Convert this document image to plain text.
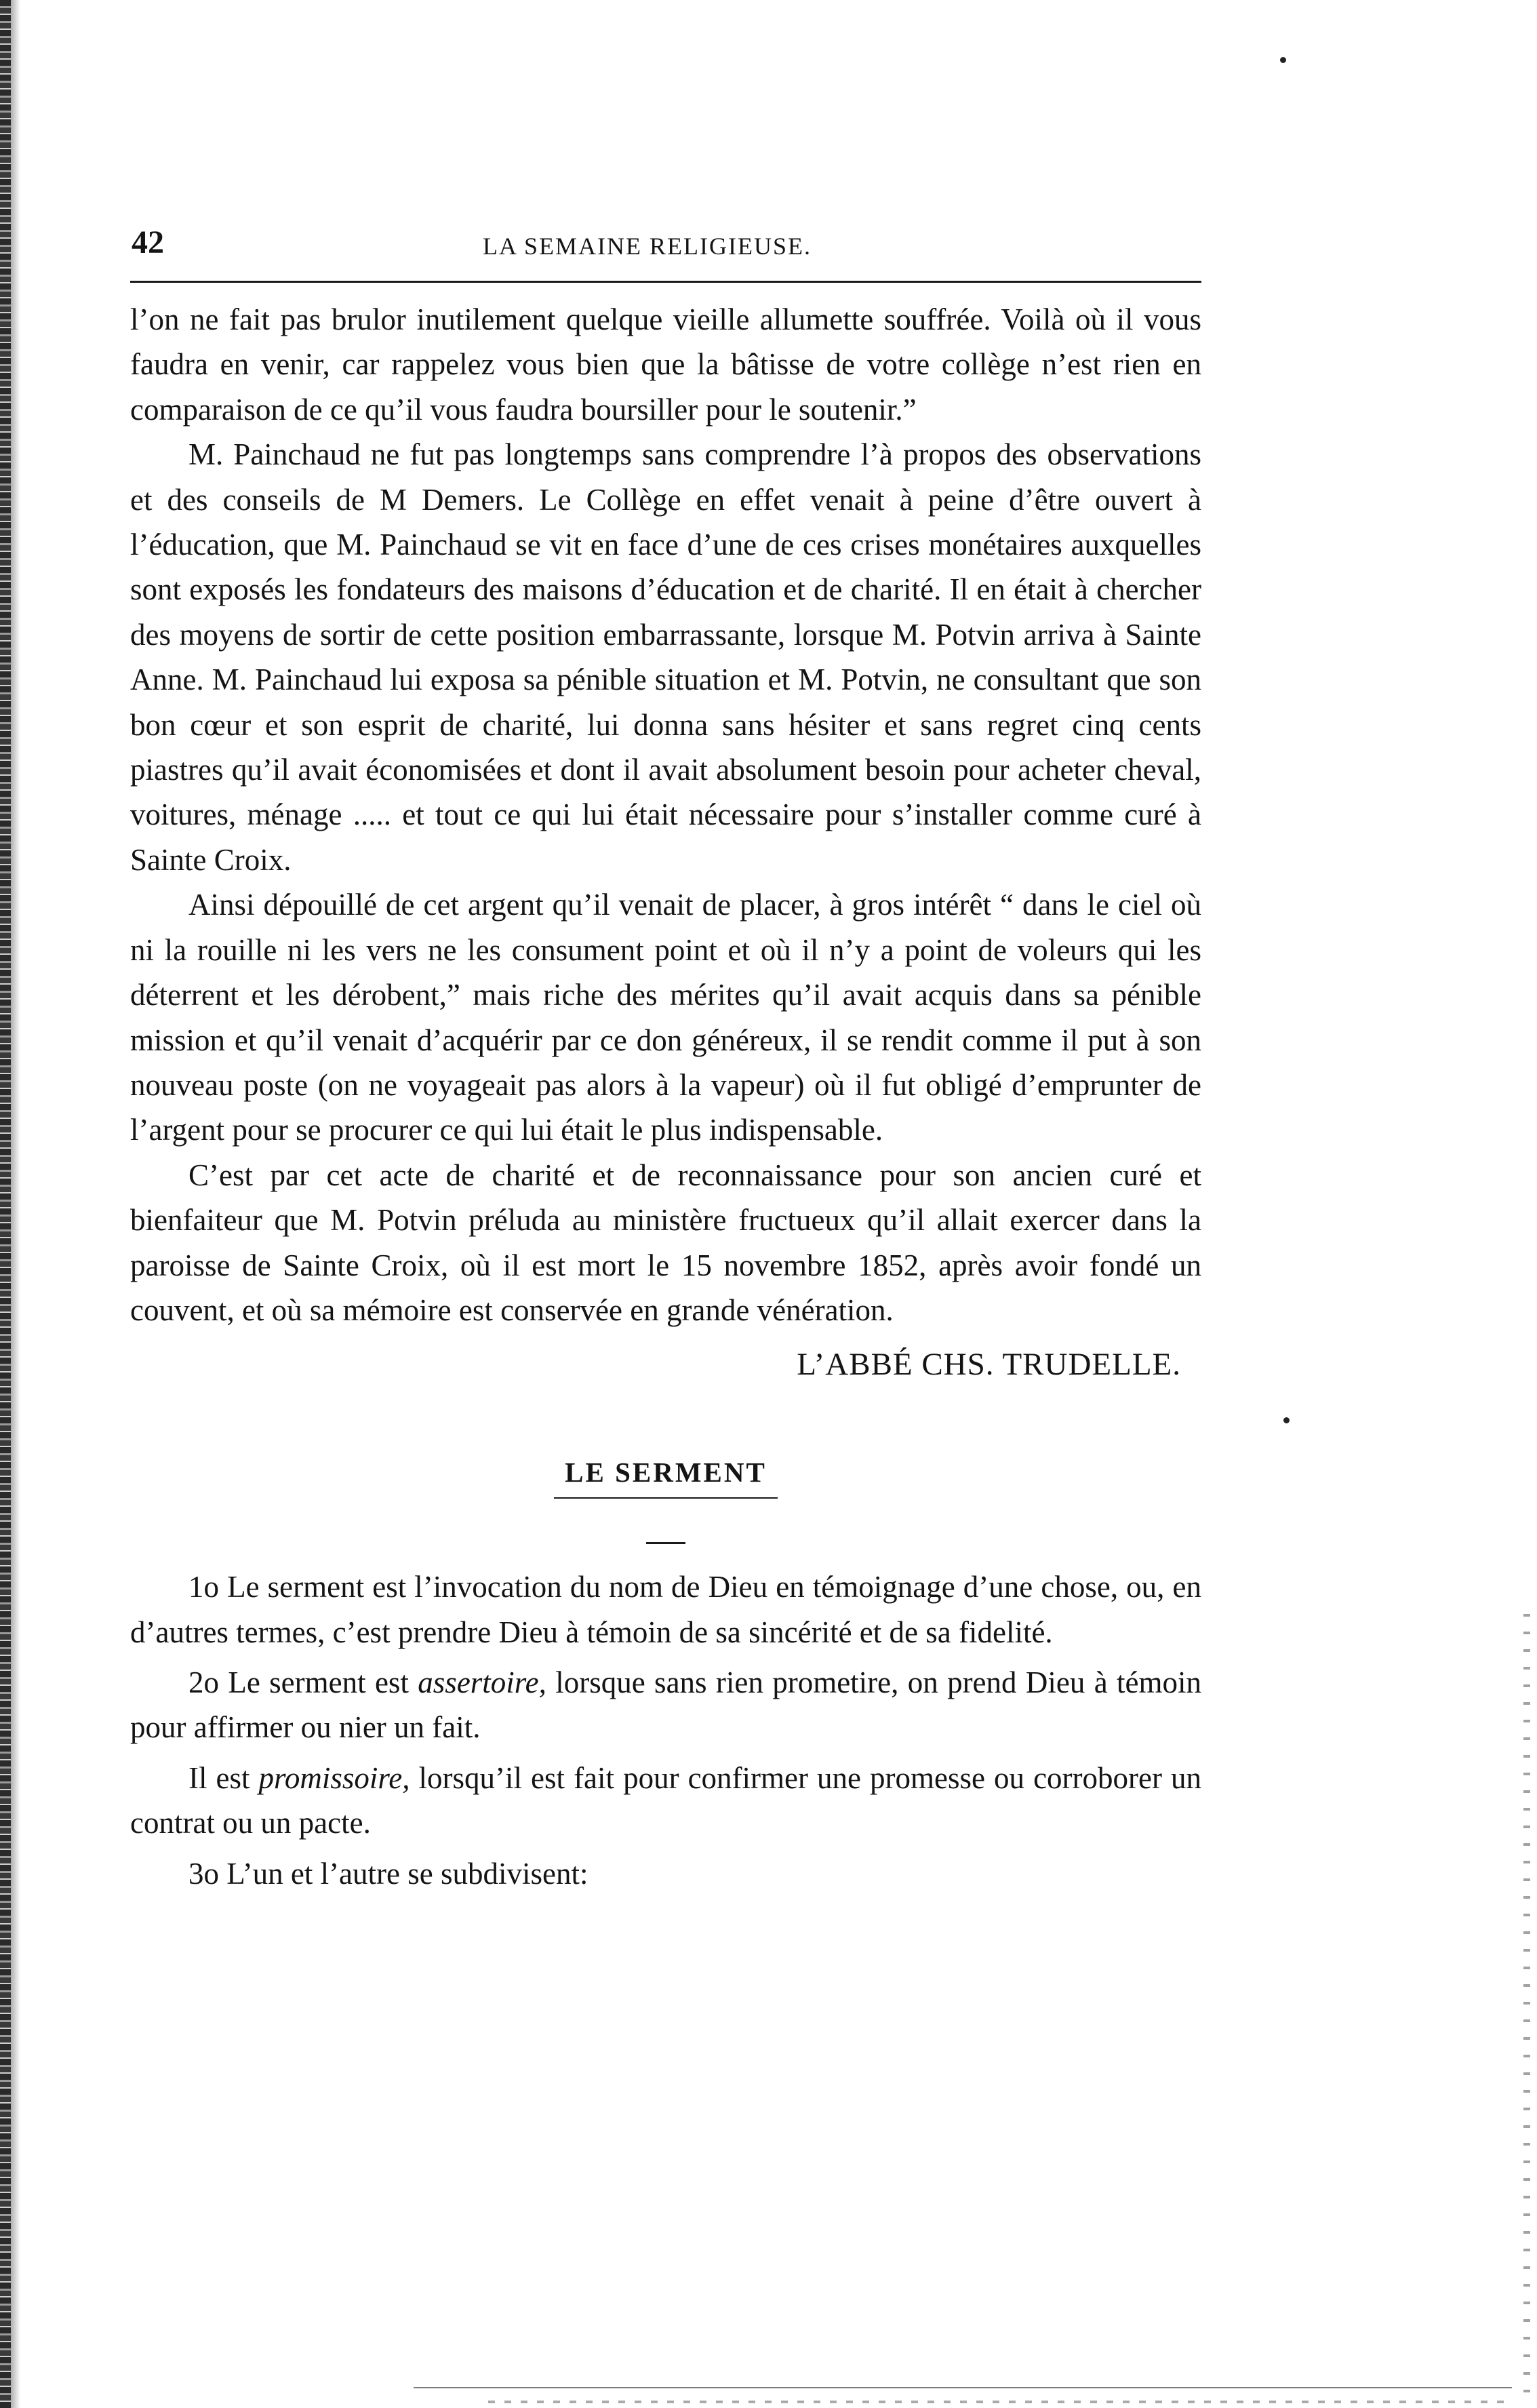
42	LA SEMAINE RELIGIEUSE.

l’on ne fait pas brulor inutilement quelque vieille allumette souffrée. Voilà où il vous faudra en venir, car rappelez vous bien que la bâtisse de votre collège n’est rien en comparaison de ce qu’il vous faudra boursiller pour le soutenir.”

M. Painchaud ne fut pas longtemps sans comprendre l’à propos des observations et des conseils de M Demers. Le Collège en effet venait à peine d’être ouvert à l’éducation, que M. Painchaud se vit en face d’une de ces crises monétaires auxquelles sont exposés les fondateurs des maisons d’éducation et de charité. Il en était à chercher des moyens de sortir de cette position embarrassante, lorsque M. Potvin arriva à Sainte Anne. M. Painchaud lui exposa sa pénible situation et M. Potvin, ne consultant que son bon cœur et son esprit de charité, lui donna sans hésiter et sans regret cinq cents piastres qu’il avait économisées et dont il avait absolument besoin pour acheter cheval, voitures, ménage ..... et tout ce qui lui était nécessaire pour s’installer comme curé à Sainte Croix.

Ainsi dépouillé de cet argent qu’il venait de placer, à gros intérêt “ dans le ciel où ni la rouille ni les vers ne les consument point et où il n’y a point de voleurs qui les déterrent et les dérobent,” mais riche des mérites qu’il avait acquis dans sa pénible mission et qu’il venait d’acquérir par ce don généreux, il se rendit comme il put à son nouveau poste (on ne voyageait pas alors à la vapeur) où il fut obligé d’emprunter de l’argent pour se procurer ce qui lui était le plus indispensable.

C’est par cet acte de charité et de reconnaissance pour son ancien curé et bienfaiteur que M. Potvin préluda au ministère fructueux qu’il allait exercer dans la paroisse de Sainte Croix, où il est mort le 15 novembre 1852, après avoir fondé un couvent, et où sa mémoire est conservée en grande vénération.

L’ABBÉ CHS. TRUDELLE.
LE SERMENT

1o Le serment est l’invocation du nom de Dieu en témoignage d’une chose, ou, en d’autres termes, c’est prendre Dieu à témoin de sa sincérité et de sa fidelité.

2o Le serment est assertoire, lorsque sans rien prometire, on prend Dieu à témoin pour affirmer ou nier un fait.

Il est promissoire, lorsqu’il est fait pour confirmer une promesse ou corroborer un contrat ou un pacte.

3o L’un et l’autre se subdivisent:
